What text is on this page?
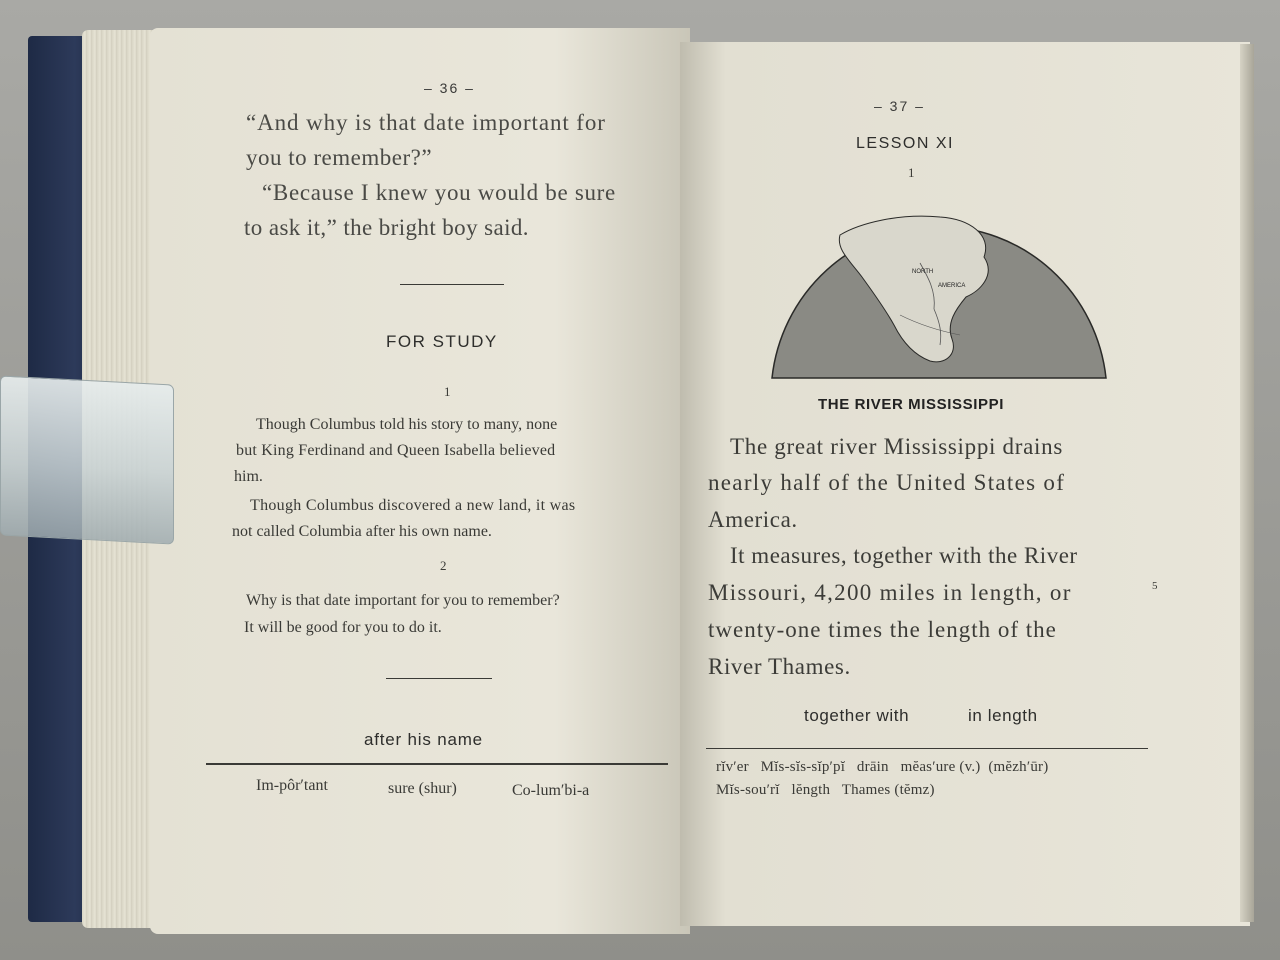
– 36 –
“And why is that date important for
you to remember?”
“Because I knew you would be sure
to ask it,” the bright boy said.
FOR STUDY
1
Though Columbus told his story to many, none
but King Ferdinand and Queen Isabella believed
him.
Though Columbus discovered a new land, it was
not called Columbia after his own name.
2
Why is that date important for you to remember?
It will be good for you to do it.
after his name
Im-pôr′tant	sure (shur)	Co-lum′bi-a
– 37 –
LESSON XI
1
NORTH
AMERICA
THE RIVER MISSISSIPPI
The great river Mississippi drains
nearly half of the United States of
America.
It measures, together with the River
Missouri, 4,200 miles in length, or
twenty-one times the length of the
River Thames.
5
together with	in length
rĭv′er   Mĭs-sĭs-sĭp′pĭ   drāin   mĕas′ure (v.)  (mĕzh′ūr)
Mĭs-sou′rĭ   lĕngth   Thames (tĕmz)
